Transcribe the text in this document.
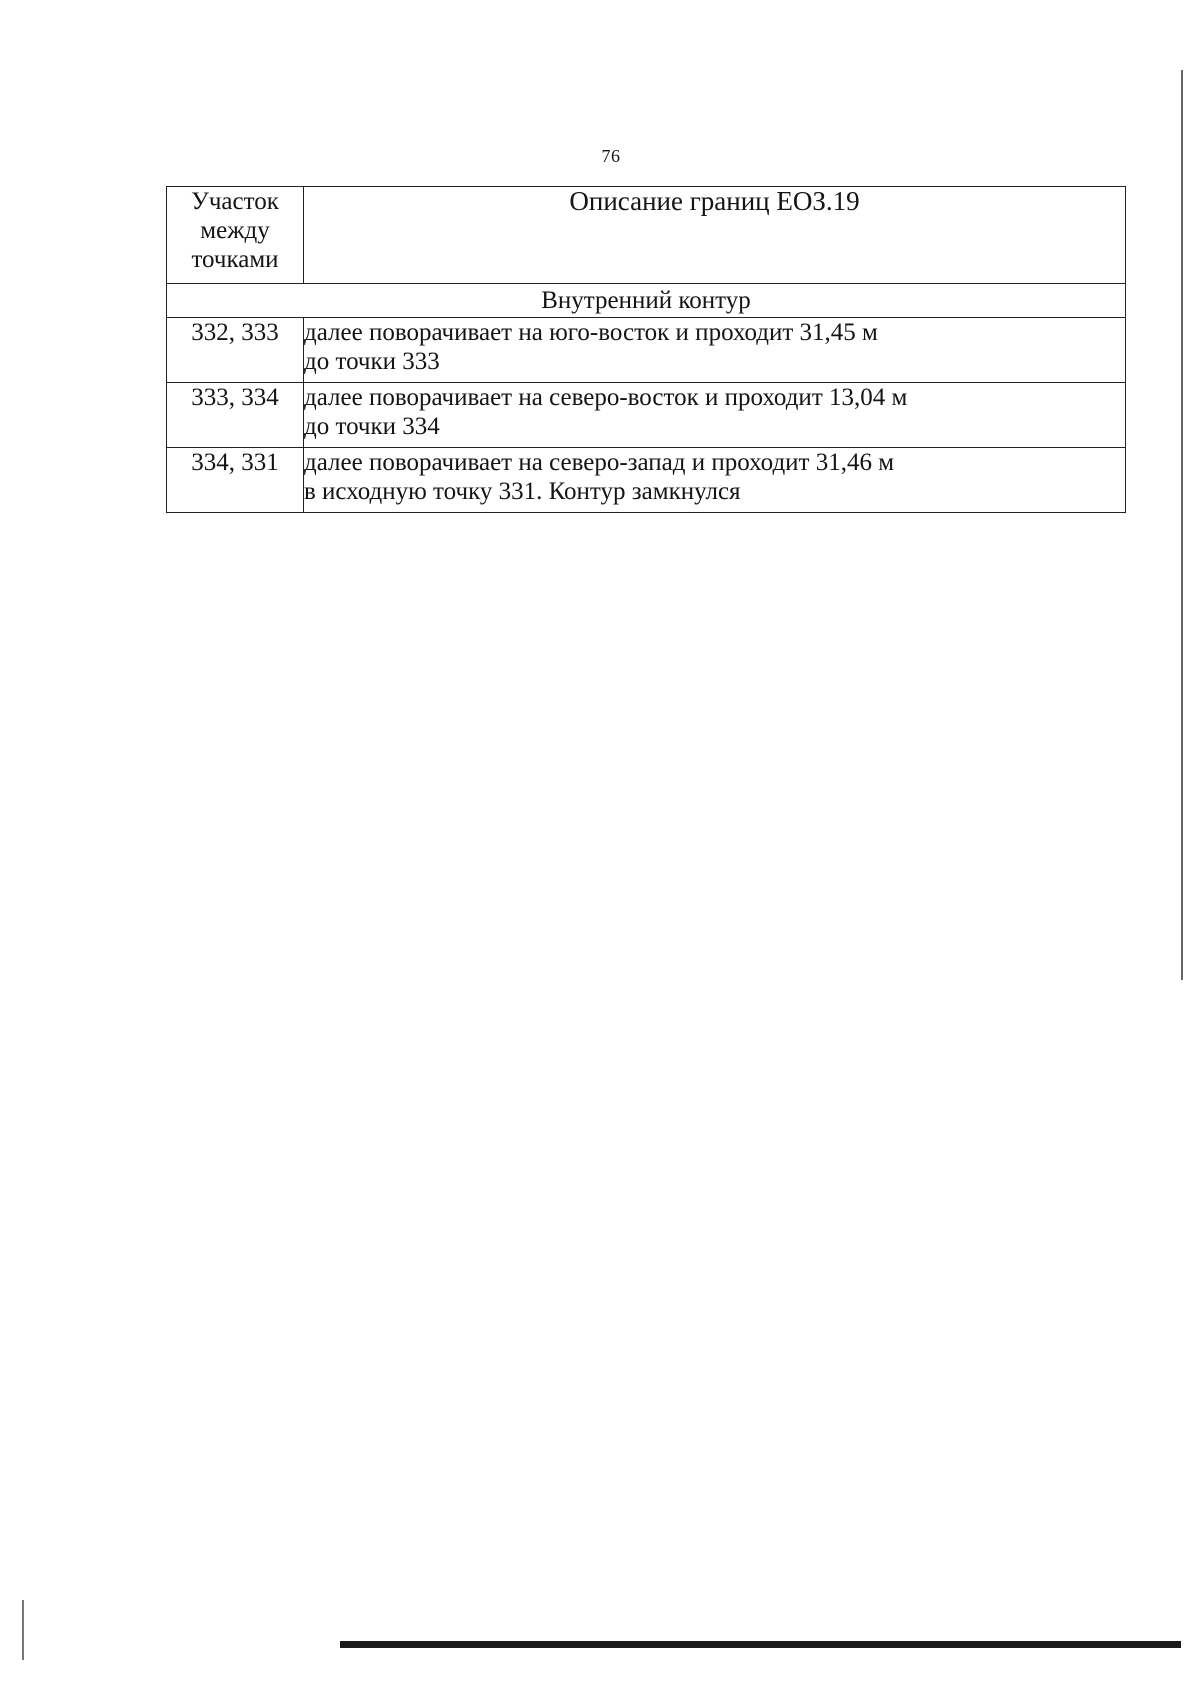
76
Участок
между
точками	Описание границ ЕОЗ.19
Внутренний контур	
332, 333	далее поворачивает на юго-восток и проходит 31,45 м
до точки 333

333, 334	далее поворачивает на северо-восток и проходит 13,04 м
до точки 334

334, 331	далее поворачивает на северо-запад и проходит 31,46 м
в исходную точку 331. Контур замкнулся
